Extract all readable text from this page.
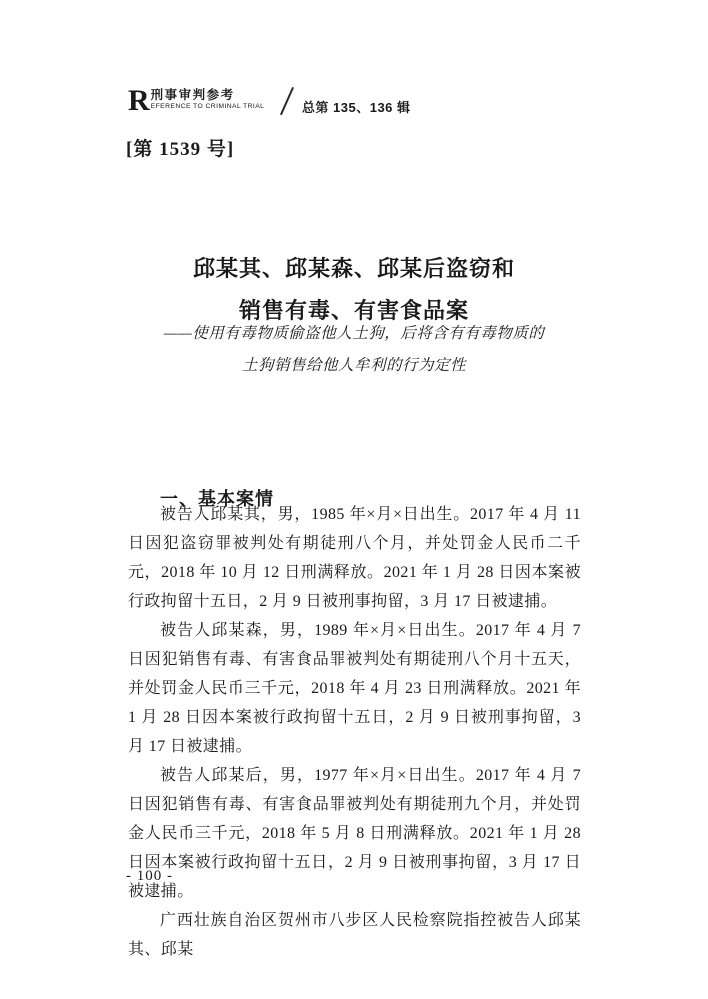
R 刑事审判参考
EFERENCE TO CRIMINAL TRIAL	总第 135、136 辑
[第 1539 号]
邱某其、邱某森、邱某后盗窃和
销售有毒、有害食品案
——使用有毒物质偷盗他人土狗，后将含有有毒物质的
土狗销售给他人牟利的行为定性
一、基本案情

被告人邱某其，男，1985 年×月×日出生。2017 年 4 月 11 日因犯盗窃罪被判处有期徒刑八个月，并处罚金人民币二千元，2018 年 10 月 12 日刑满释放。2021 年 1 月 28 日因本案被行政拘留十五日，2 月 9 日被刑事拘留，3 月 17 日被逮捕。

被告人邱某森，男，1989 年×月×日出生。2017 年 4 月 7 日因犯销售有毒、有害食品罪被判处有期徒刑八个月十五天，并处罚金人民币三千元，2018 年 4 月 23 日刑满释放。2021 年 1 月 28 日因本案被行政拘留十五日，2 月 9 日被刑事拘留，3 月 17 日被逮捕。

被告人邱某后，男，1977 年×月×日出生。2017 年 4 月 7 日因犯销售有毒、有害食品罪被判处有期徒刑九个月，并处罚金人民币三千元，2018 年 5 月 8 日刑满释放。2021 年 1 月 28 日因本案被行政拘留十五日，2 月 9 日被刑事拘留，3 月 17 日被逮捕。

广西壮族自治区贺州市八步区人民检察院指控被告人邱某其、邱某

- 100 -
